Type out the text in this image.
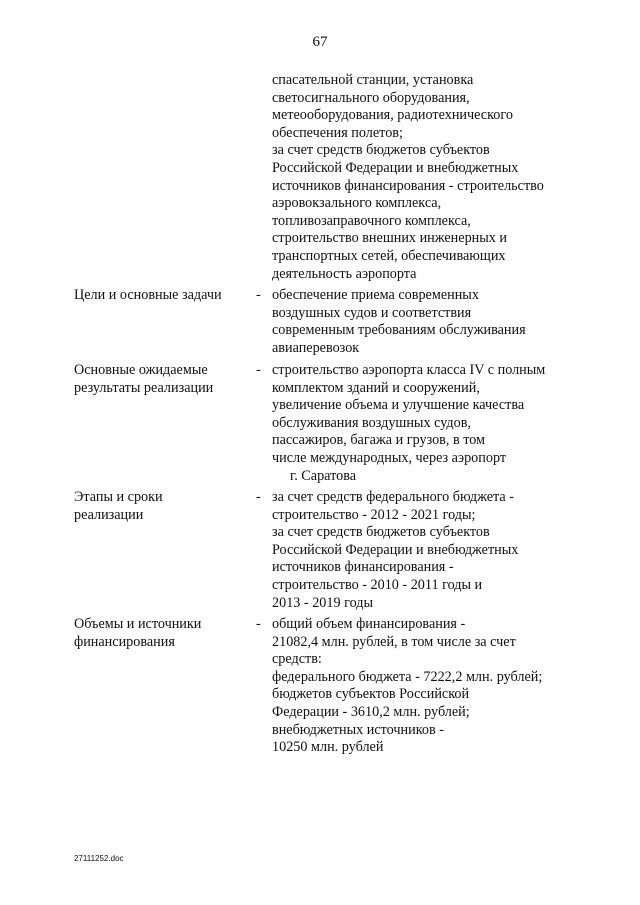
67
спасательной станции, установка
светосигнального оборудования,
метеооборудования, радиотехнического
обеспечения полетов;
за счет средств бюджетов субъектов
Российской Федерации и внебюджетных
источников финансирования - строительство
аэровокзального комплекса,
топливозаправочного комплекса,
строительство внешних инженерных и
транспортных сетей, обеспечивающих
деятельность аэропорта
Цели и основные задачи	- обеспечение приема современных
воздушных судов и соответствия
современным требованиям обслуживания
авиаперевозок
Основные ожидаемые
результаты реализации
- строительство аэропорта класса IV с полным
комплектом зданий и сооружений,
увеличение объема и улучшение качества
обслуживания воздушных судов,
пассажиров, багажа и грузов, в том
числе международных, через аэропорт
г. Саратова
Этапы и сроки
реализации
- за счет средств федерального бюджета -
строительство - 2012 - 2021 годы;
за счет средств бюджетов субъектов
Российской Федерации и внебюджетных
источников финансирования -
строительство - 2010 - 2011 годы и
2013 - 2019 годы
Объемы и источники
финансирования
- общий объем финансирования -
21082,4 млн. рублей, в том числе за счет
средств:
федерального бюджета - 7222,2 млн. рублей;
бюджетов субъектов Российской
Федерации - 3610,2 млн. рублей;
внебюджетных источников -
10250 млн. рублей
27111252.doc
